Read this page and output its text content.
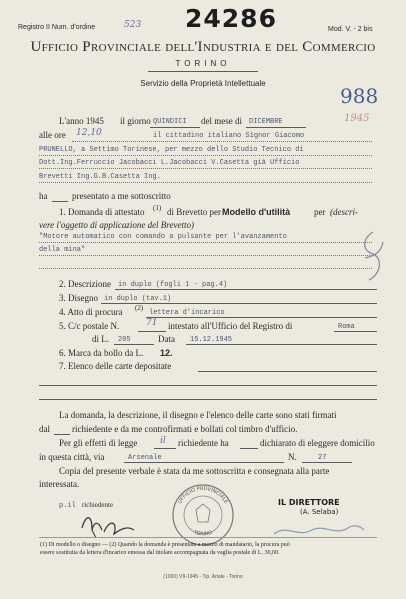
Registro II Num. d'ordine	523 24286	Mod. V. - 2 bis
Ufficio Provinciale dell'Industria e del Commercio
TORINO
Servizio della Proprietà Intellettuale
988
1945
L'anno 1945 il giorno QUINDICI del mese di DICEMBRE
alle ore 12,10	il cittadino italiano Signor Giacomo
PRUNELLO, a Settimo Torinese, per mezzo dello Studio Tecnico di
Dott.Ing.Ferruccio Jacobacci L.Jacobacci V.Casetta già Ufficio
Brevetti Ing.G.B.Casetta Ing.
ha	presentato a me sottoscritto
1. Domanda di attestato (1) di Brevetto per Modello d'utilità	per (descri-
vere l'oggetto di applicazione del Brevetto)
"Motore automatico con comando a pulsante per l'avanzamento
della mina"
2. Descrizione in duplo (fogli 1 - pag.4)
3. Disegno in duplo (tav.1)
4. Atto di procura (2)
lettera d'incarico
5. C/c postale N.	71 intestato all'Ufficio del Registro di	Roma
di L. 205	Data 15.12.1945
6. Marca da bollo da L. 12.
7. Elenco delle carte depositate
La domanda, la descrizione, il disegno e l'elenco delle carte sono stati firmati
dal richiedente e da me controfirmati e bollati col timbro d'ufficio.
Per gli effetti di legge	il richiedente ha	dichiarato di eleggere domicilio
in questa città, via	Arsenale	N.	27
Copia del presente verbale è stata da me sottoscritta e consegnata alla parte
interessata.
p.il richiedente	UFFICIO PROVINCIALE
TORINO
IL DIRETTORE
(A. Selaba)
(1) Di modello o disegno — (2) Quando la domanda è presentata a mezzo di mandatario, la procura può
essere sostituita da lettera d'incarico emessa dal titolare accompagnata da vaglia postale di L. 30,00.
(1000) VII-1945 - Tip. Artale - Torino
